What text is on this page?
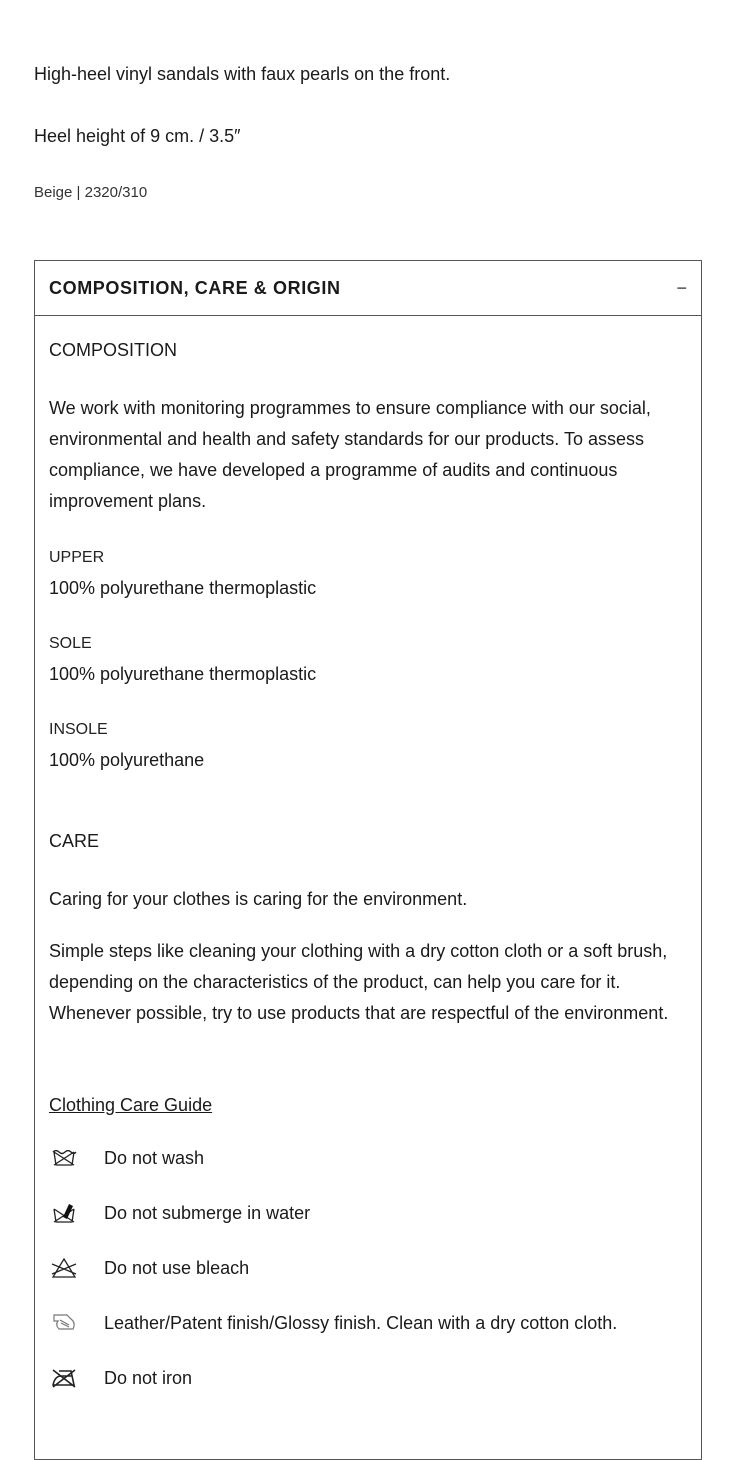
High-heel vinyl sandals with faux pearls on the front.

Heel height of 9 cm. / 3.5″

Beige | 2320/310

COMPOSITION, CARE & ORIGIN	−

COMPOSITION

We work with monitoring programmes to ensure compliance with our social, environmental and health and safety standards for our products. To assess compliance, we have developed a programme of audits and continuous improvement plans.

UPPER
100% polyurethane thermoplastic
SOLE
100% polyurethane thermoplastic
INSOLE
100% polyurethane

CARE

Caring for your clothes is caring for the environment.

Simple steps like cleaning your clothing with a dry cotton cloth or a soft brush, depending on the characteristics of the product, can help you care for it. Whenever possible, try to use products that are respectful of the environment.

Clothing Care Guide

Do not wash
Do not submerge in water
Do not use bleach
Leather/Patent finish/Glossy finish. Clean with a dry cotton cloth.
Do not iron
